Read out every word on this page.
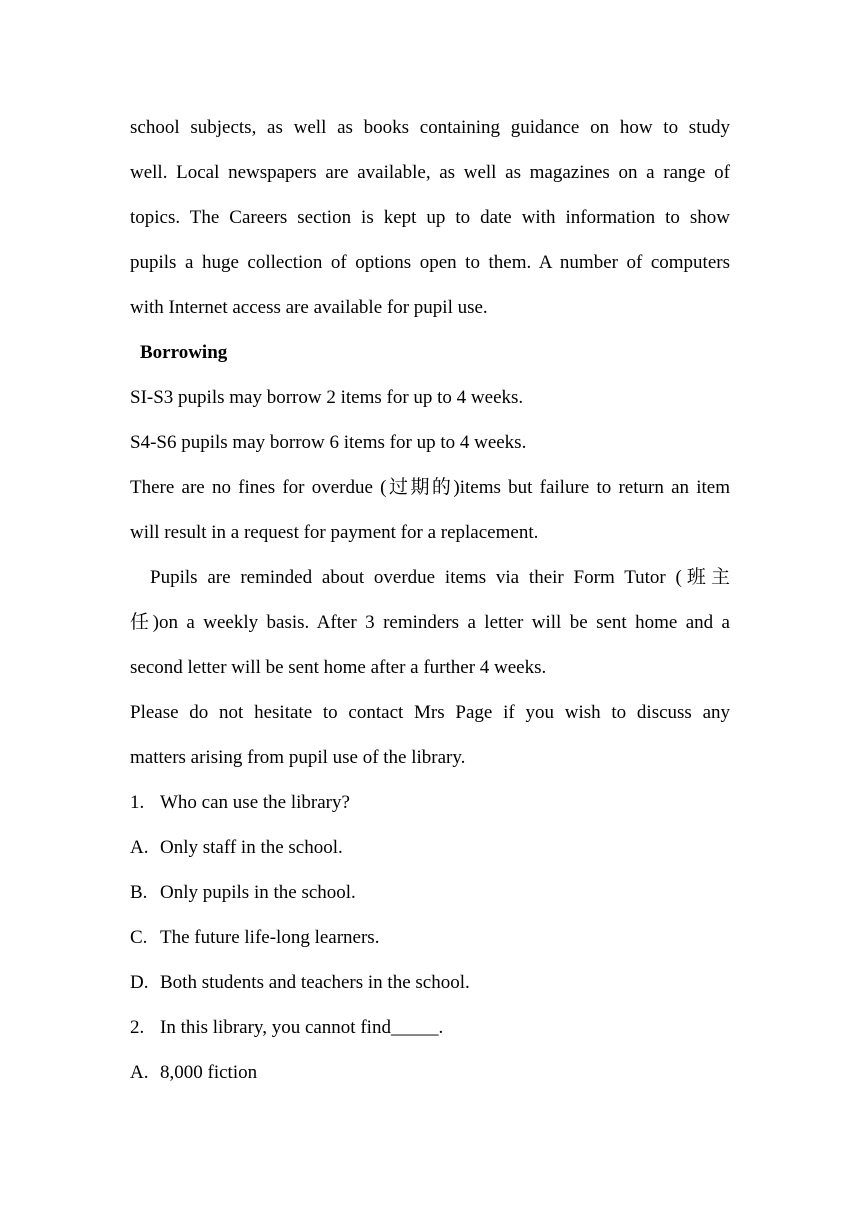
school subjects, as well as books containing guidance on how to study
well. Local newspapers are available, as well as magazines on a range of
topics. The Careers section is kept up to date with information to show
pupils a huge collection of options open to them. A number of computers
with Internet access are available for pupil use.
Borrowing
SI-S3 pupils may borrow 2 items for up to 4 weeks.
S4-S6 pupils may borrow 6 items for up to 4 weeks.
There are no fines for overdue (过期的)items but failure to return an item
will result in a request for payment for a replacement.
Pupils are reminded about overdue items via their Form Tutor (班主
任)on a weekly basis. After 3 reminders a letter will be sent home and a
second letter will be sent home after a further 4 weeks.
Please do not hesitate to contact Mrs Page if you wish to discuss any
matters arising from pupil use of the library.
1. Who can use the library?
A. Only staff in the school.
B. Only pupils in the school.
C. The future life-long learners.
D. Both students and teachers in the school.
2. In this library, you cannot find_____.
A. 8,000 fiction
